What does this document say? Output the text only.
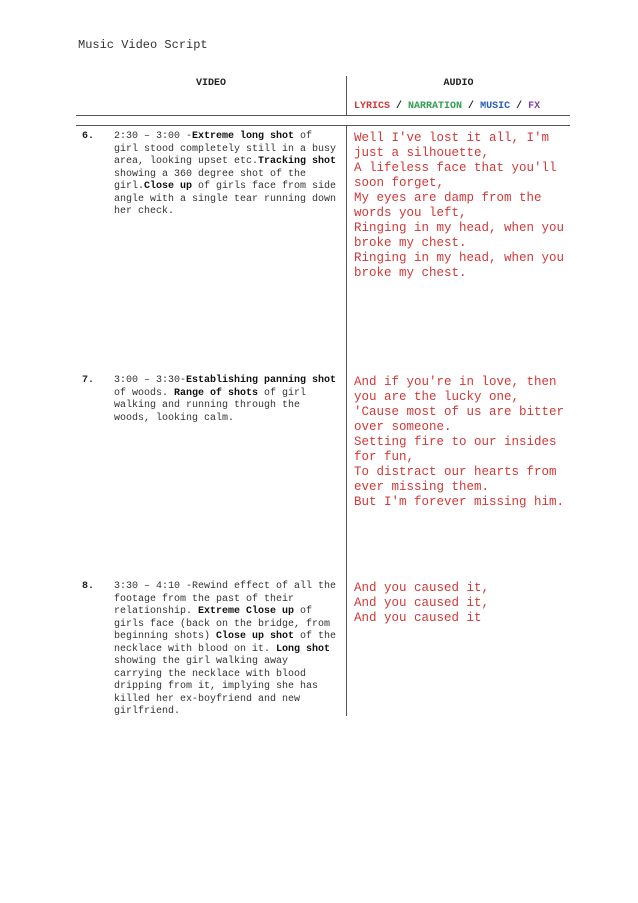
Music Video Script
VIDEO	AUDIO
LYRICS / NARRATION / MUSIC / FX
6. 2:30 – 3:00 -Extreme long shot of girl stood completely still in a busy area, looking upset etc.Tracking shot showing a 360 degree shot of the girl.Close up of girls face from side angle with a single tear running down her check.
Well I've lost it all, I'm just a silhouette,
A lifeless face that you'll soon forget,
My eyes are damp from the words you left,
Ringing in my head, when you broke my chest.
Ringing in my head, when you broke my chest.
7. 3:00 – 3:30-Establishing panning shot of woods. Range of shots of girl walking and running through the woods, looking calm.
And if you're in love, then you are the lucky one,
'Cause most of us are bitter over someone.
Setting fire to our insides for fun,
To distract our hearts from ever missing them.
But I'm forever missing him.
8. 3:30 – 4:10 -Rewind effect of all the footage from the past of their relationship. Extreme Close up of girls face (back on the bridge, from beginning shots) Close up shot of the necklace with blood on it. Long shot showing the girl walking away carrying the necklace with blood dripping from it, implying she has killed her ex-boyfriend and new girlfriend.
And you caused it,
And you caused it,
And you caused it
